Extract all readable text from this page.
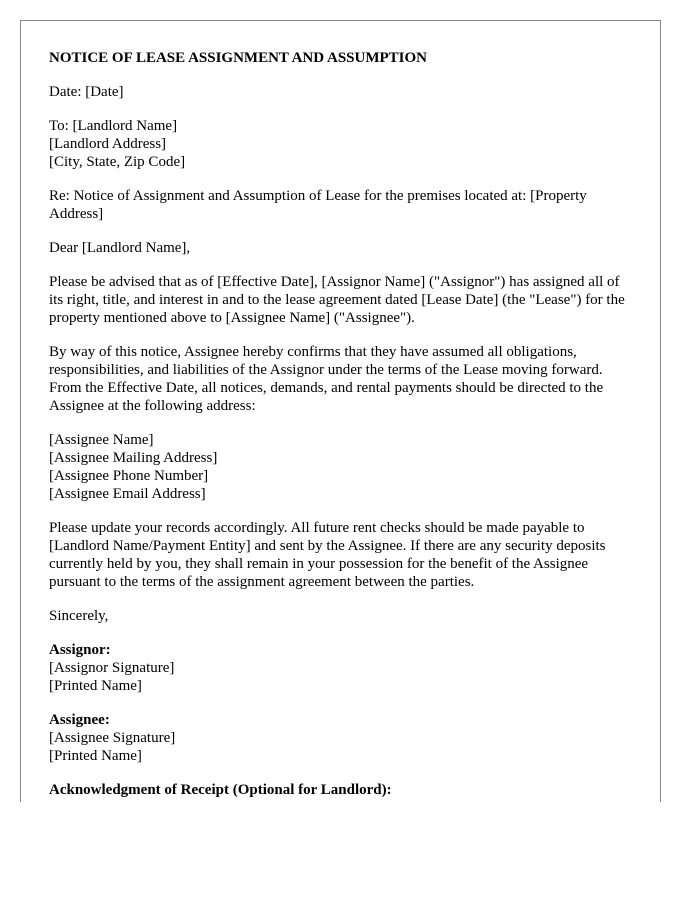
NOTICE OF LEASE ASSIGNMENT AND ASSUMPTION

Date: [Date]

To: [Landlord Name]
[Landlord Address]
[City, State, Zip Code]

Re: Notice of Assignment and Assumption of Lease for the premises located at: [Property Address]

Dear [Landlord Name],

Please be advised that as of [Effective Date], [Assignor Name] ("Assignor") has assigned all of its right, title, and interest in and to the lease agreement dated [Lease Date] (the "Lease") for the property mentioned above to [Assignee Name] ("Assignee").

By way of this notice, Assignee hereby confirms that they have assumed all obligations, responsibilities, and liabilities of the Assignor under the terms of the Lease moving forward. From the Effective Date, all notices, demands, and rental payments should be directed to the Assignee at the following address:

[Assignee Name]
[Assignee Mailing Address]
[Assignee Phone Number]
[Assignee Email Address]

Please update your records accordingly. All future rent checks should be made payable to [Landlord Name/Payment Entity] and sent by the Assignee. If there are any security deposits currently held by you, they shall remain in your possession for the benefit of the Assignee pursuant to the terms of the assignment agreement between the parties.

Sincerely,

Assignor:
[Assignor Signature]
[Printed Name]

Assignee:
[Assignee Signature]
[Printed Name]

Acknowledgment of Receipt (Optional for Landlord):
